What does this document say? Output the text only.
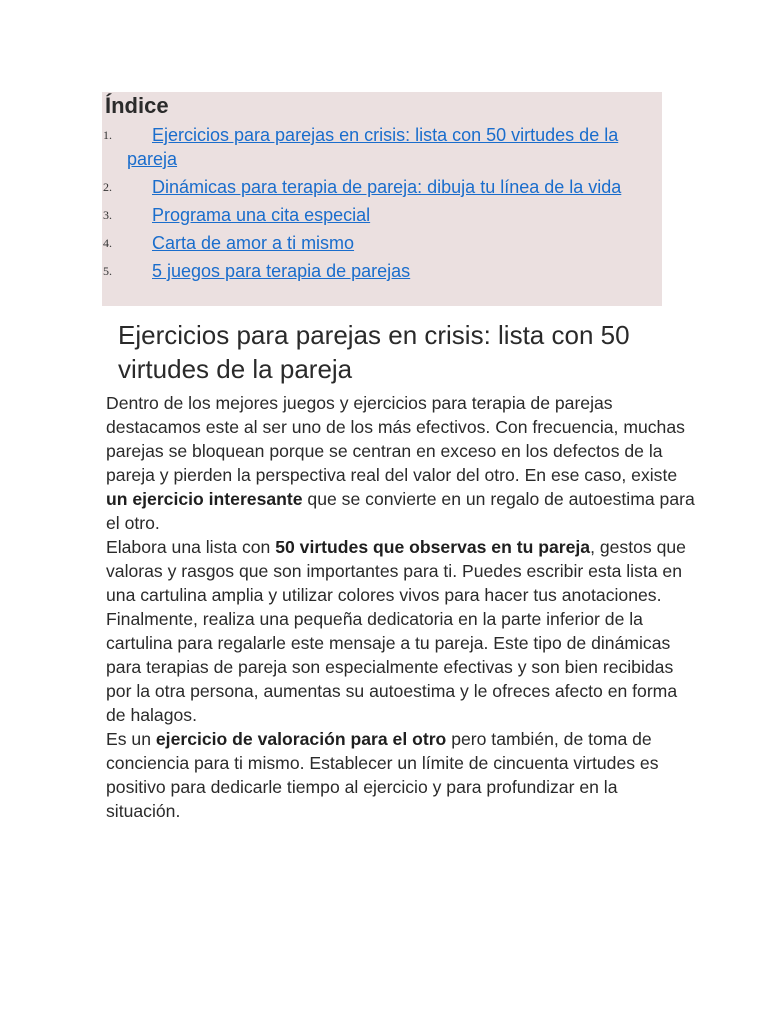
Índice
1.	Ejercicios para parejas en crisis: lista con 50 virtudes de la pareja
2.	Dinámicas para terapia de pareja: dibuja tu línea de la vida
3.	Programa una cita especial
4.	Carta de amor a ti mismo
5.	5 juegos para terapia de parejas
Ejercicios para parejas en crisis: lista con 50 virtudes de la pareja

Dentro de los mejores juegos y ejercicios para terapia de parejas destacamos este al ser uno de los más efectivos. Con frecuencia, muchas parejas se bloquean porque se centran en exceso en los defectos de la pareja y pierden la perspectiva real del valor del otro. En ese caso, existe un ejercicio interesante que se convierte en un regalo de autoestima para el otro.

Elabora una lista con 50 virtudes que observas en tu pareja, gestos que valoras y rasgos que son importantes para ti. Puedes escribir esta lista en una cartulina amplia y utilizar colores vivos para hacer tus anotaciones. Finalmente, realiza una pequeña dedicatoria en la parte inferior de la cartulina para regalarle este mensaje a tu pareja. Este tipo de dinámicas para terapias de pareja son especialmente efectivas y son bien recibidas por la otra persona, aumentas su autoestima y le ofreces afecto en forma de halagos.

Es un ejercicio de valoración para el otro pero también, de toma de conciencia para ti mismo. Establecer un límite de cincuenta virtudes es positivo para dedicarle tiempo al ejercicio y para profundizar en la situación.
